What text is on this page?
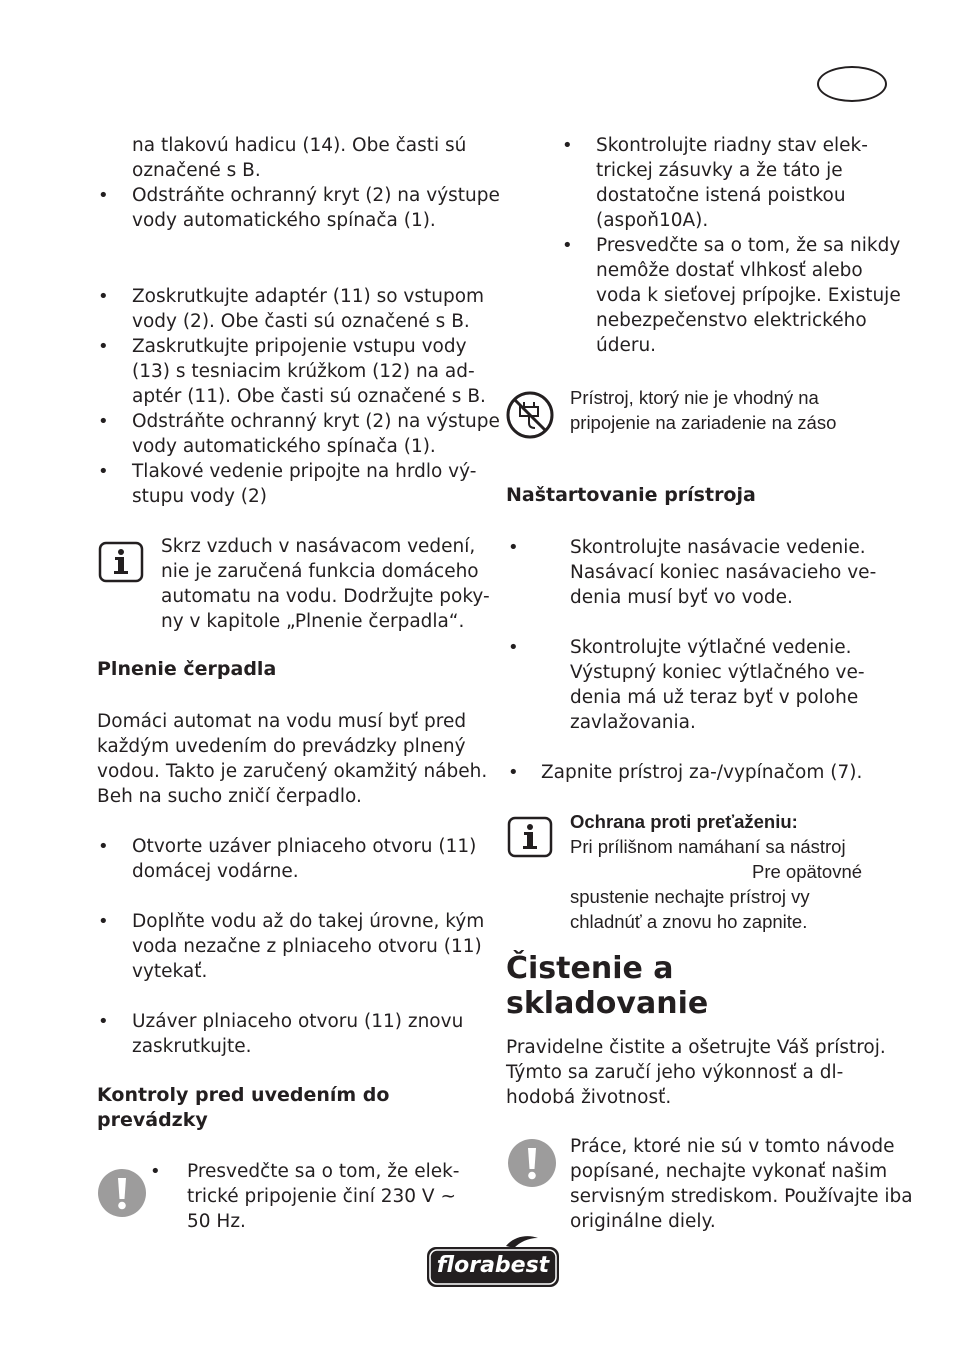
na tlakovú hadicu (14). Obe časti sú
označené s B.
• Odstráňte ochranný kryt (2) na výstupe
vody automatického spínača (1).
• Zoskrutkujte adaptér (11) so vstupom
vody (2). Obe časti sú označené s B.
• Zaskrutkujte pripojenie vstupu vody
(13) s tesniacim krúžkom (12) na ad-
aptér (11). Obe časti sú označené s B.
• Odstráňte ochranný kryt (2) na výstupe
vody automatického spínača (1).
• Tlakové vedenie pripojte na hrdlo vý-
stupu vody (2)
Skrz vzduch v nasávacom vedení,
nie je zaručená funkcia domáceho
automatu na vodu. Dodržujte poky-
ny v kapitole „Plnenie čerpadla“.
Plnenie čerpadla
Domáci automat na vodu musí byť pred
každým uvedením do prevádzky plnený
vodou. Takto je zaručený okamžitý nábeh.
Beh na sucho zničí čerpadlo.
• Otvorte uzáver plniaceho otvoru (11)
domácej vodárne.
• Doplňte vodu až do takej úrovne, kým
voda nezačne z plniaceho otvoru (11)
vytekať.
• Uzáver plniaceho otvoru (11) znovu
zaskrutkujte.
Kontroly pred uvedením do
prevádzky
• Presvedčte sa o tom, že elek-
trické pripojenie činí 230 V ~
50 Hz.
• Skontrolujte riadny stav elek-
trickej zásuvky a že táto je
dostatočne istená poistkou
(aspoň10A).
• Presvedčte sa o tom, že sa nikdy
nemôže dostať vlhkosť alebo
voda k sieťovej prípojke. Existuje
nebezpečenstvo elektrického
úderu.
Prístroj, ktorý nie je vhodný na
pripojenie na zariadenie na záso
Naštartovanie prístroja
•	Skontrolujte nasávacie vedenie.
Nasávací koniec nasávacieho ve-
denia musí byť vo vode.
•	Skontrolujte výtlačné vedenie.
Výstupný koniec výtlačného ve-
denia má už teraz byť v polohe
zavlažovania.
• Zapnite prístroj za-/vypínačom (7).
Ochrana proti preťaženiu:
Pri prílišnom namáhaní sa nástroj
Pre opätovné
spustenie nechajte prístroj vy
chladnúť a znovu ho zapnite.
Čistenie a
skladovanie
Pravidelne čistite a ošetrujte Váš prístroj.
Týmto sa zaručí jeho výkonnosť a dl-
hodobá životnosť.
Práce, ktoré nie sú v tomto návode
popísané, nechajte vykonať našim
servisným strediskom. Používajte iba
originálne diely.
florabest
